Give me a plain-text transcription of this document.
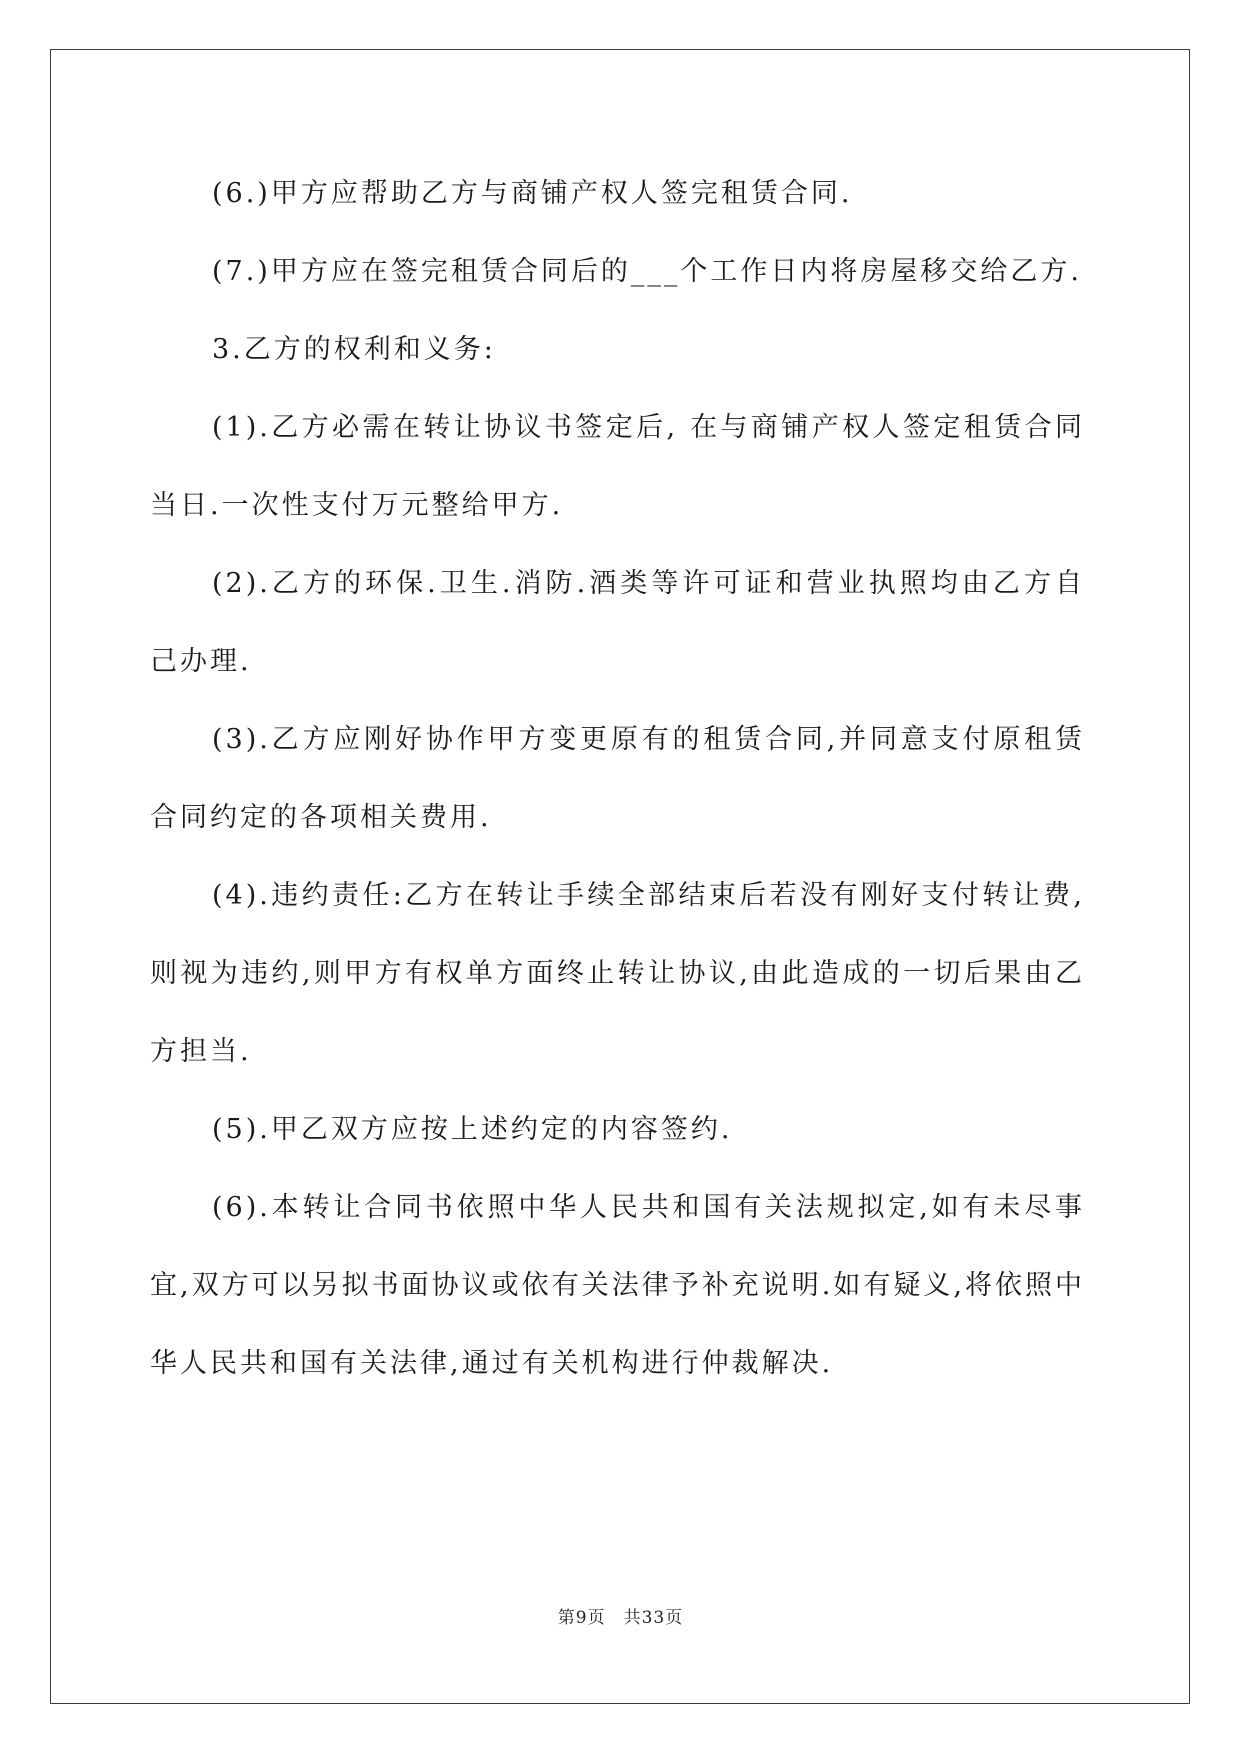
(6.)甲方应帮助乙方与商铺产权人签完租赁合同.

(7.)甲方应在签完租赁合同后的___个工作日内将房屋移交给乙方.

3.乙方的权利和义务:

(1).乙方必需在转让协议书签定后, 在与商铺产权人签定租赁合同当日.一次性支付万元整给甲方.

(2).乙方的环保.卫生.消防.酒类等许可证和营业执照均由乙方自己办理.

(3).乙方应刚好协作甲方变更原有的租赁合同,并同意支付原租赁合同约定的各项相关费用.

(4).违约责任:乙方在转让手续全部结束后若没有刚好支付转让费,则视为违约,则甲方有权单方面终止转让协议,由此造成的一切后果由乙方担当.

(5).甲乙双方应按上述约定的内容签约.

(6).本转让合同书依照中华人民共和国有关法规拟定,如有未尽事宜,双方可以另拟书面协议或依有关法律予补充说明.如有疑义,将依照中华人民共和国有关法律,通过有关机构进行仲裁解决.

第9页 共33页
